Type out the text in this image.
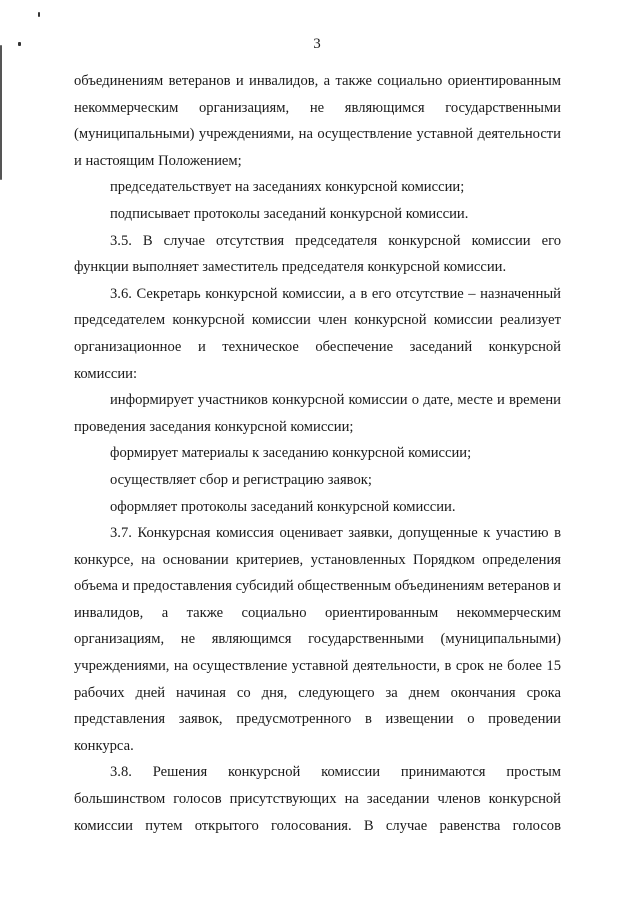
3

объединениям ветеранов и инвалидов, а также социально ориентированным некоммерческим организациям, не являющимся государственными (муниципальными) учреждениями, на осуществление уставной деятельности и настоящим Положением;

председательствует на заседаниях конкурсной комиссии;

подписывает протоколы заседаний конкурсной комиссии.

3.5. В случае отсутствия председателя конкурсной комиссии его функции выполняет заместитель председателя конкурсной комиссии.

3.6. Секретарь конкурсной комиссии, а в его отсутствие – назначенный председателем конкурсной комиссии член конкурсной комиссии реализует организационное и техническое обеспечение заседаний конкурсной комиссии:

информирует участников конкурсной комиссии о дате, месте и времени проведения заседания конкурсной комиссии;

формирует материалы к заседанию конкурсной комиссии;

осуществляет сбор и регистрацию заявок;

оформляет протоколы заседаний конкурсной комиссии.

3.7. Конкурсная комиссия оценивает заявки, допущенные к участию в конкурсе, на основании критериев, установленных Порядком определения объема и предоставления субсидий общественным объединениям ветеранов и инвалидов, а также социально ориентированным некоммерческим организациям, не являющимся государственными (муниципальными) учреждениями, на осуществление уставной деятельности, в срок не более 15 рабочих дней начиная со дня, следующего за днем окончания срока представления заявок, предусмотренного в извещении о проведении конкурса.

3.8. Решения конкурсной комиссии принимаются простым большинством голосов присутствующих на заседании членов конкурсной комиссии путем открытого голосования. В случае равенства голосов
